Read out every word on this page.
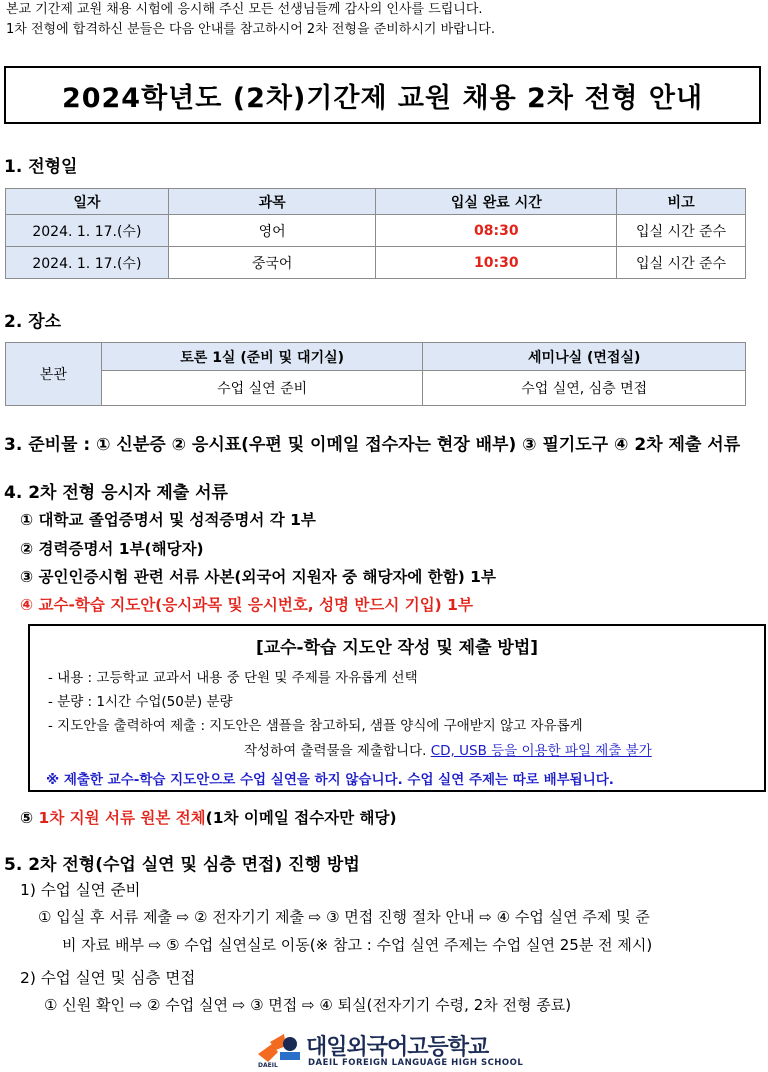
본교 기간제 교원 채용 시험에 응시해 주신 모든 선생님들께 감사의 인사를 드립니다.
1차 전형에 합격하신 분들은 다음 안내를 참고하시어 2차 전형을 준비하시기 바랍니다.
2024학년도 (2차)기간제 교원 채용 2차 전형 안내
1. 전형일
일자	과목	입실 완료 시간	비고
2024. 1. 17.(수)	영어	08:30	입실 시간 준수
2024. 1. 17.(수)	중국어	10:30	입실 시간 준수
2. 장소
본관	토론 1실 (준비 및 대기실)	세미나실 (면접실)
	수업 실연 준비	수업 실연, 심층 면접
3. 준비물 : ① 신분증 ② 응시표(우편 및 이메일 접수자는 현장 배부) ③ 필기도구 ④ 2차 제출 서류
4. 2차 전형 응시자 제출 서류
① 대학교 졸업증명서 및 성적증명서 각 1부
② 경력증명서 1부(해당자)
③ 공인인증시험 관련 서류 사본(외국어 지원자 중 해당자에 한함) 1부
④ 교수-학습 지도안(응시과목 및 응시번호, 성명 반드시 기입) 1부
[교수-학습 지도안 작성 및 제출 방법]
- 내용 : 고등학교 교과서 내용 중 단원 및 주제를 자유롭게 선택
- 분량 : 1시간 수업(50분) 분량
- 지도안을 출력하여 제출 : 지도안은 샘플을 참고하되, 샘플 양식에 구애받지 않고 자유롭게
작성하여 출력물을 제출합니다. CD, USB 등을 이용한 파일 제출 불가
※ 제출한 교수-학습 지도안으로 수업 실연을 하지 않습니다. 수업 실연 주제는 따로 배부됩니다.
⑤ 1차 지원 서류 원본 전체(1차 이메일 접수자만 해당)
5. 2차 전형(수업 실연 및 심층 면접) 진행 방법
1) 수업 실연 준비
① 입실 후 서류 제출 ⇨ ② 전자기기 제출 ⇨ ③ 면접 진행 절차 안내 ⇨ ④ 수업 실연 주제 및 준
비 자료 배부 ⇨ ⑤ 수업 실연실로 이동(※ 참고 : 수업 실연 주제는 수업 실연 25분 전 제시)
2) 수업 실연 및 심층 면접
① 신원 확인 ⇨ ② 수업 실연 ⇨ ③ 면접 ⇨ ④ 퇴실(전자기기 수령, 2차 전형 종료)
DAEIL
대일외국어고등학교
DAEIL FOREIGN LANGUAGE HIGH SCHOOL
